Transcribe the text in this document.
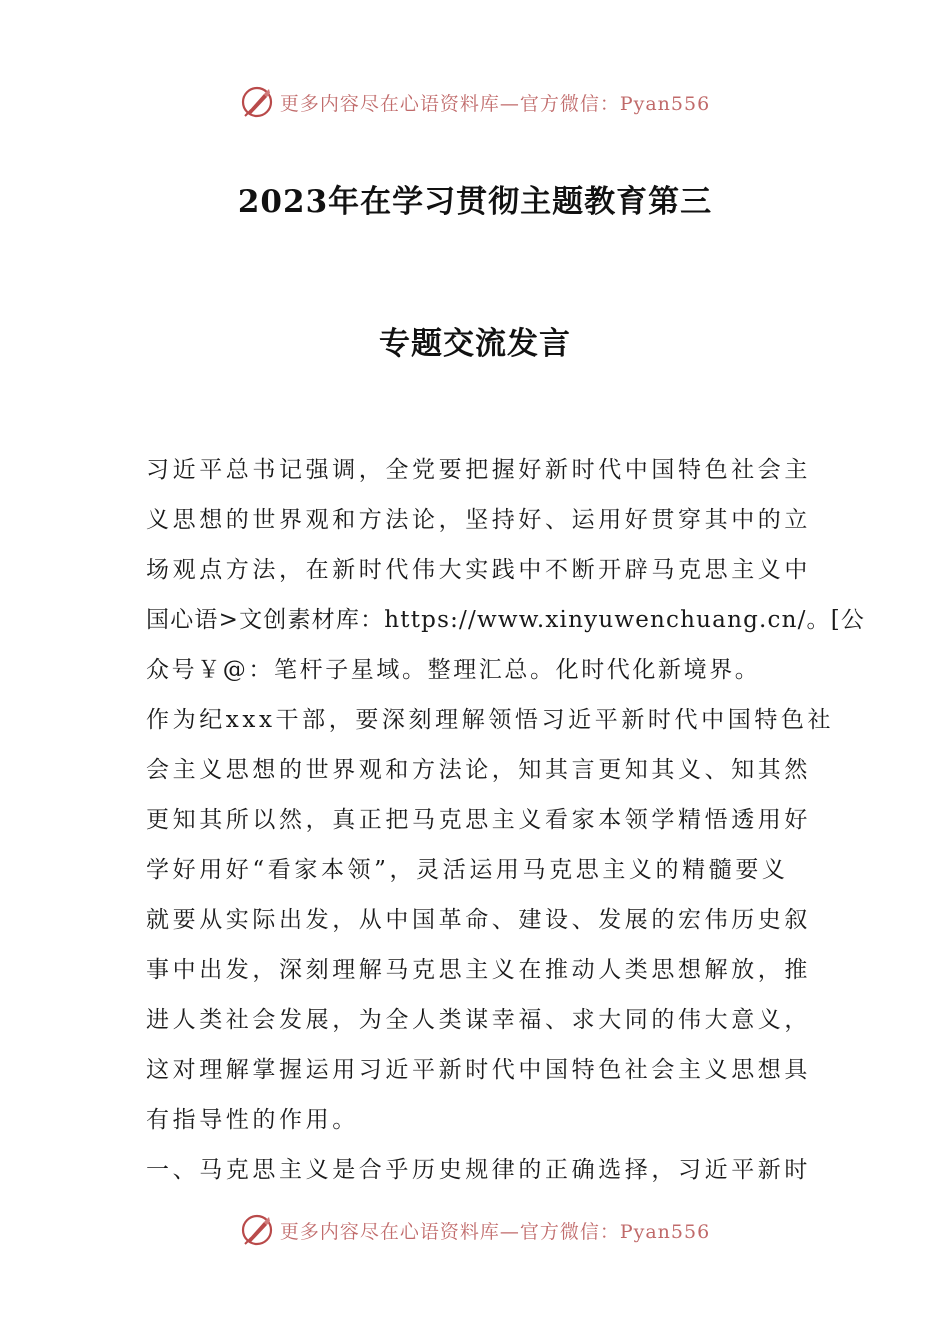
更多内容尽在心语资料库—官方微信：Pyan556
2023年在学习贯彻主题教育第三
专题交流发言
习近平总书记强调，全党要把握好新时代中国特色社会主
义思想的世界观和方法论，坚持好、运用好贯穿其中的立
场观点方法，在新时代伟大实践中不断开辟马克思主义中
国心语>文创素材库：https://www.xinyuwenchuang.cn/。[公
众号￥@：笔杆子星域。整理汇总。化时代化新境界。
作为纪xxx干部，要深刻理解领悟习近平新时代中国特色社
会主义思想的世界观和方法论，知其言更知其义、知其然
更知其所以然，真正把马克思主义看家本领学精悟透用好
学好用好“看家本领”，灵活运用马克思主义的精髓要义
就要从实际出发，从中国革命、建设、发展的宏伟历史叙
事中出发，深刻理解马克思主义在推动人类思想解放，推
进人类社会发展，为全人类谋幸福、求大同的伟大意义，
这对理解掌握运用习近平新时代中国特色社会主义思想具
有指导性的作用。
一、马克思主义是合乎历史规律的正确选择，习近平新时
更多内容尽在心语资料库—官方微信：Pyan556
